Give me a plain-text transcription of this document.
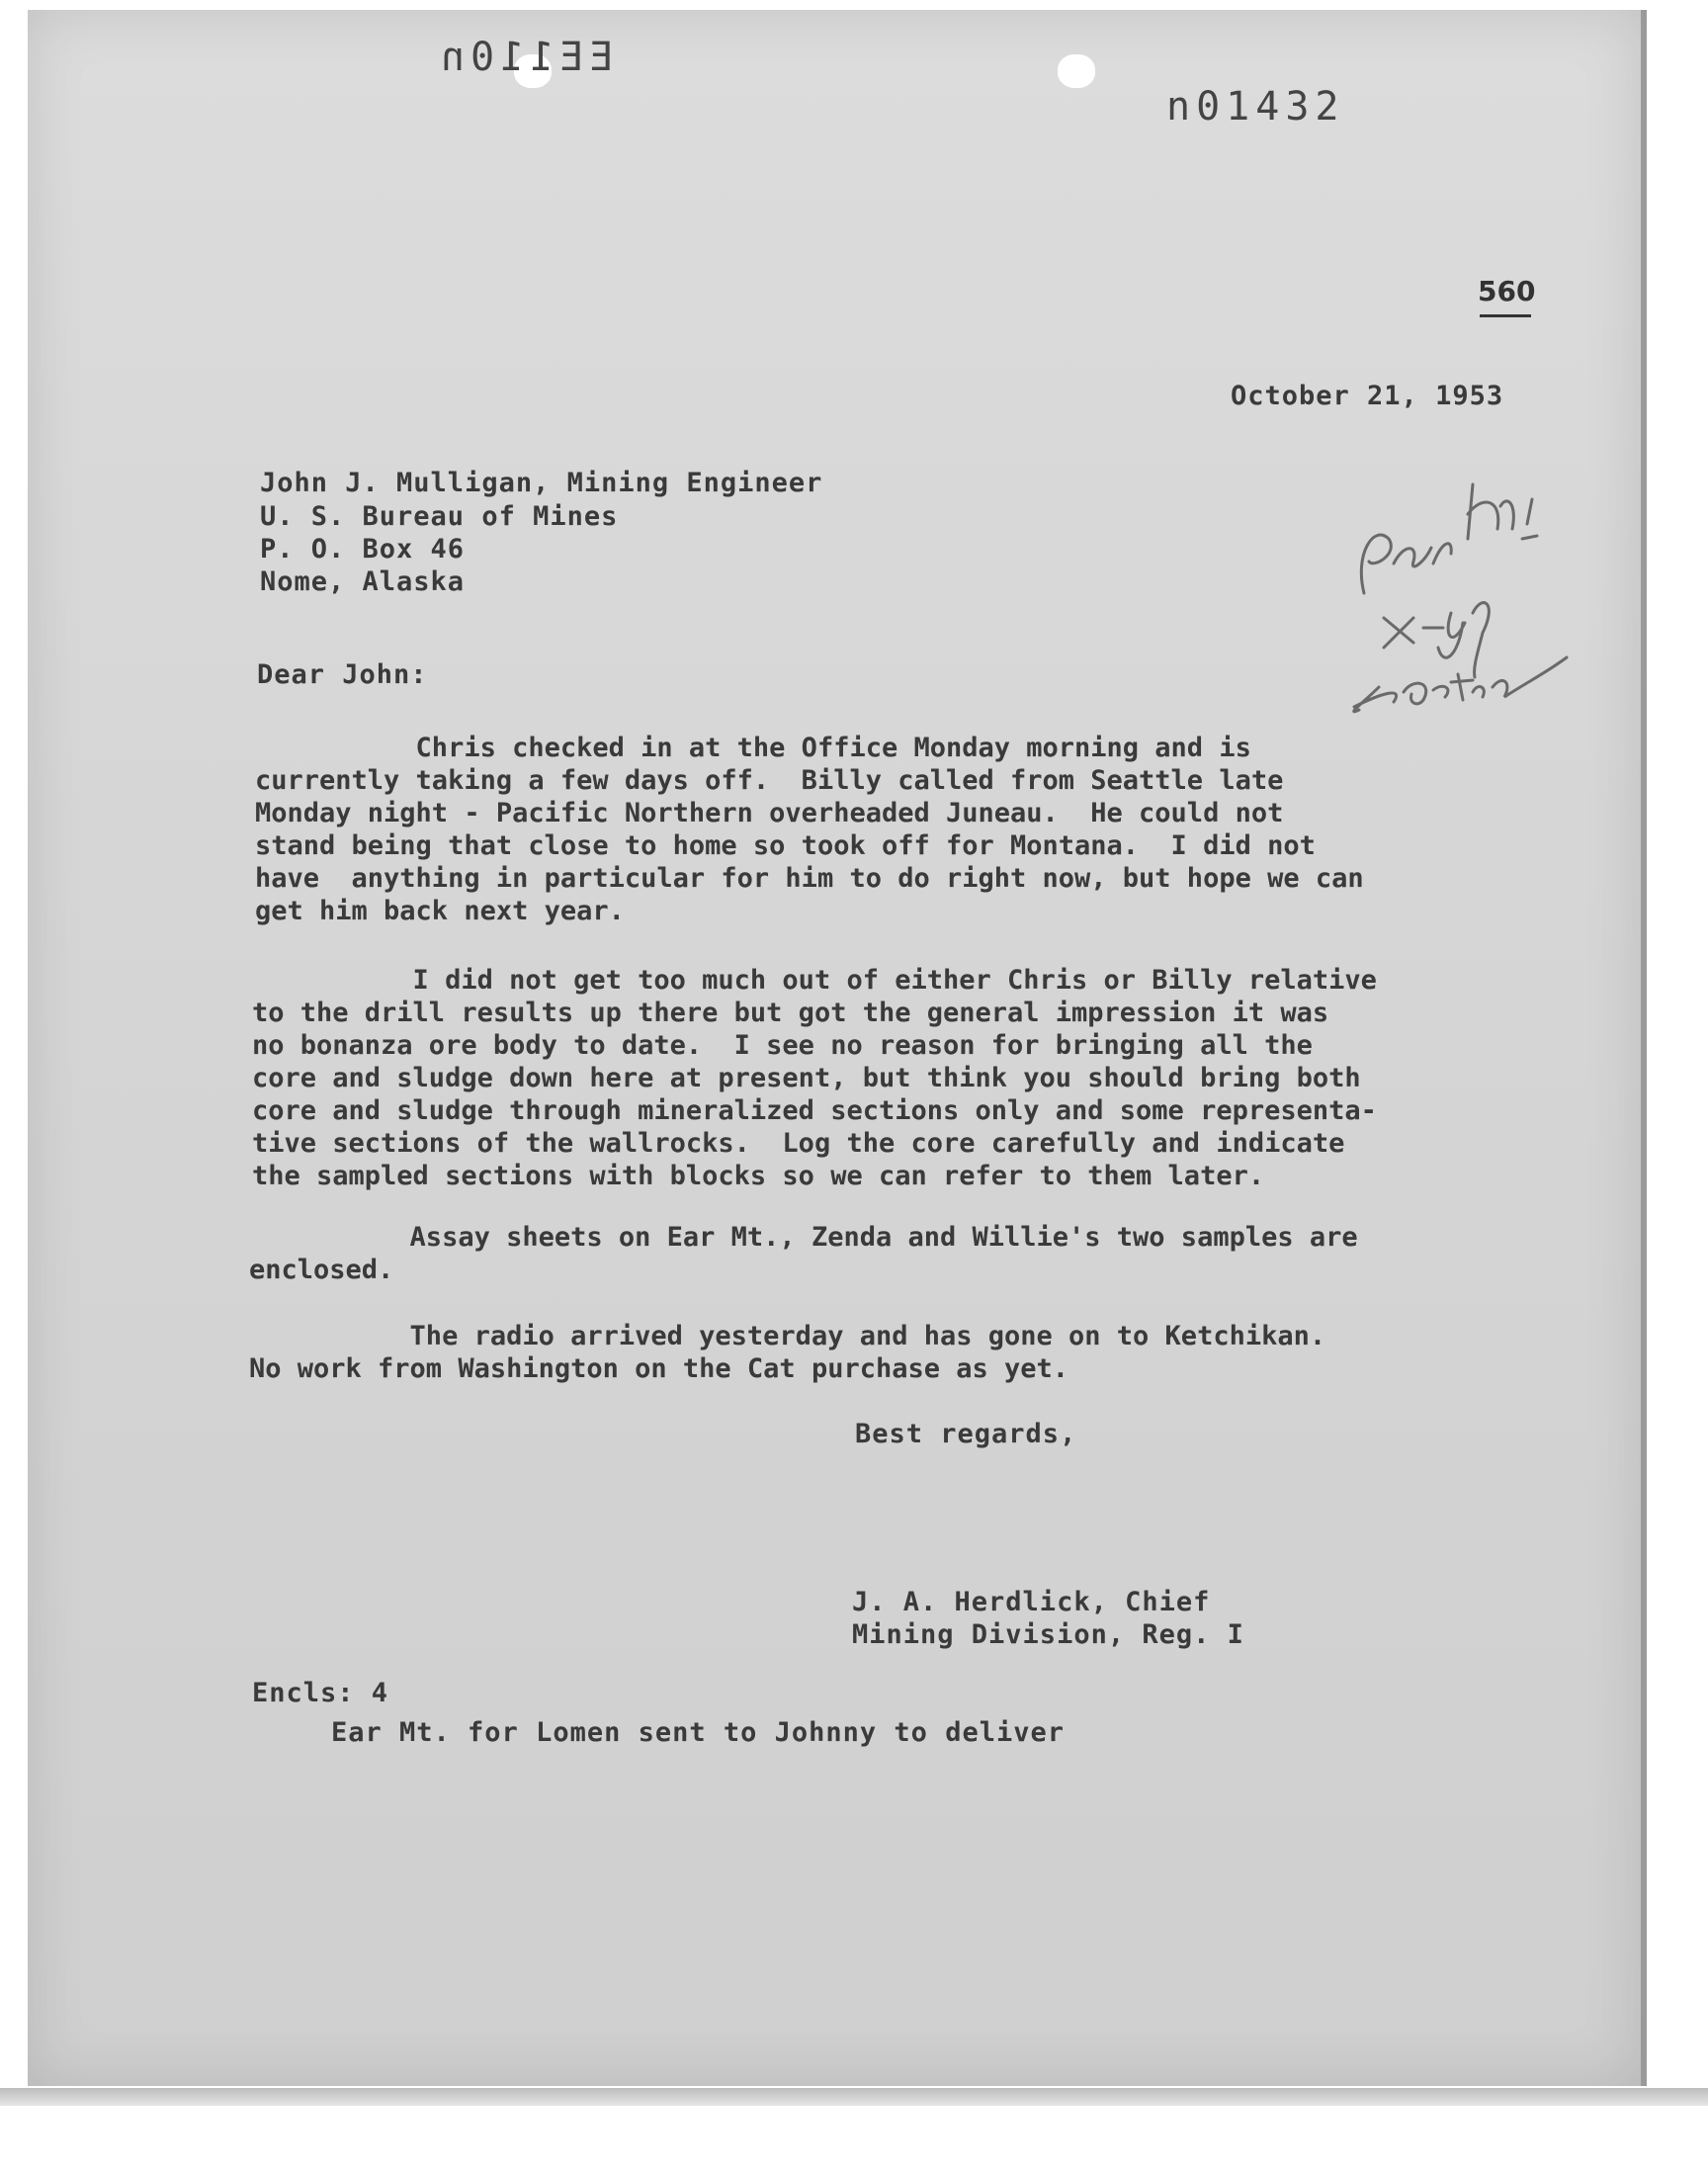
EE110n
n01432
560
October 21, 1953
John J. Mulligan, Mining Engineer
U. S. Bureau of Mines
P. O. Box 46
Nome, Alaska
Dear John:
Chris checked in at the Office Monday morning and is
currently taking a few days off.  Billy called from Seattle late
Monday night - Pacific Northern overheaded Juneau.  He could not
stand being that close to home so took off for Montana.  I did not
have  anything in particular for him to do right now, but hope we can
get him back next year.
I did not get too much out of either Chris or Billy relative
to the drill results up there but got the general impression it was
no bonanza ore body to date.  I see no reason for bringing all the
core and sludge down here at present, but think you should bring both
core and sludge through mineralized sections only and some representa-
tive sections of the wallrocks.  Log the core carefully and indicate
the sampled sections with blocks so we can refer to them later.
Assay sheets on Ear Mt., Zenda and Willie's two samples are
enclosed.
The radio arrived yesterday and has gone on to Ketchikan.
No work from Washington on the Cat purchase as yet.
Best regards,
J. A. Herdlick, Chief
Mining Division, Reg. I
Encls: 4
Ear Mt. for Lomen sent to Johnny to deliver
